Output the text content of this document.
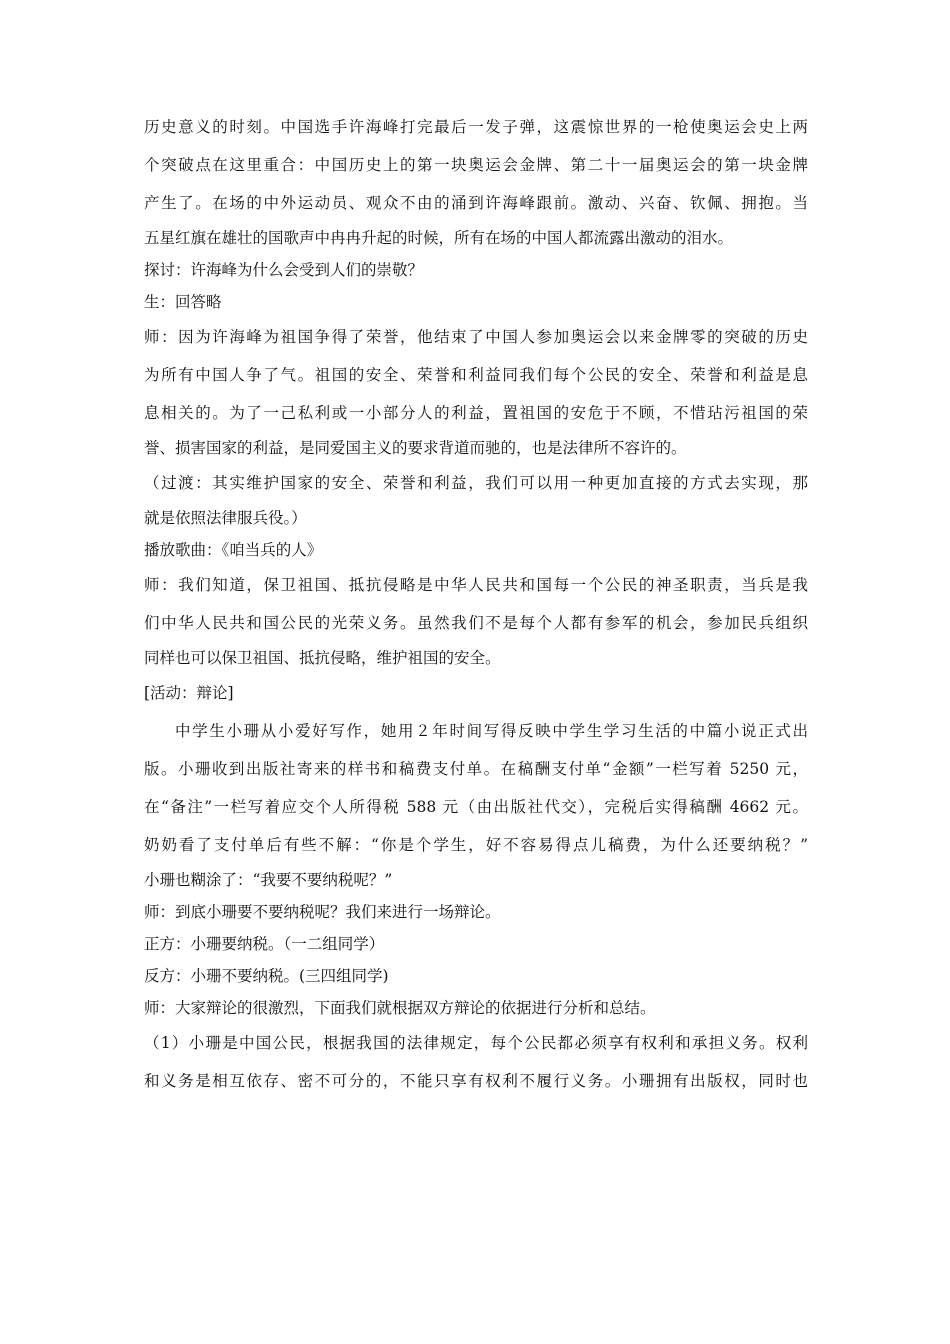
历史意义的时刻。中国选手许海峰打完最后一发子弹，这震惊世界的一枪使奥运会史上两
个突破点在这里重合：中国历史上的第一块奥运会金牌、第二十一届奥运会的第一块金牌
产生了。在场的中外运动员、观众不由的涌到许海峰跟前。激动、兴奋、钦佩、拥抱。当
五星红旗在雄壮的国歌声中冉冉升起的时候，所有在场的中国人都流露出激动的泪水。
探讨：许海峰为什么会受到人们的崇敬？
生：回答略
师：因为许海峰为祖国争得了荣誉，他结束了中国人参加奥运会以来金牌零的突破的历史
为所有中国人争了气。祖国的安全、荣誉和利益同我们每个公民的安全、荣誉和利益是息
息相关的。为了一己私利或一小部分人的利益，置祖国的安危于不顾，不惜玷污祖国的荣
誉、损害国家的利益，是同爱国主义的要求背道而驰的，也是法律所不容许的。
（过渡：其实维护国家的安全、荣誉和利益，我们可以用一种更加直接的方式去实现，那
就是依照法律服兵役。）
播放歌曲：《咱当兵的人》
师：我们知道，保卫祖国、抵抗侵略是中华人民共和国每一个公民的神圣职责，当兵是我
们中华人民共和国公民的光荣义务。虽然我们不是每个人都有参军的机会，参加民兵组织
同样也可以保卫祖国、抵抗侵略，维护祖国的安全。
[活动：辩论]
中学生小珊从小爱好写作，她用２年时间写得反映中学生学习生活的中篇小说正式出
版。小珊收到出版社寄来的样书和稿费支付单。在稿酬支付单“金额”一栏写着 5250 元，
在“备注”一栏写着应交个人所得税 588 元（由出版社代交），完税后实得稿酬 4662 元。
奶奶看了支付单后有些不解：“你是个学生，好不容易得点儿稿费，为什么还要纳税？”
小珊也糊涂了：“我要不要纳税呢？”
师：到底小珊要不要纳税呢？我们来进行一场辩论。
正方：小珊要纳税。（一二组同学）
反方：小珊不要纳税。(三四组同学)
师：大家辩论的很激烈，下面我们就根据双方辩论的依据进行分析和总结。
（1）小珊是中国公民，根据我国的法律规定，每个公民都必须享有权利和承担义务。权利
和义务是相互依存、密不可分的，不能只享有权利不履行义务。小珊拥有出版权，同时也
